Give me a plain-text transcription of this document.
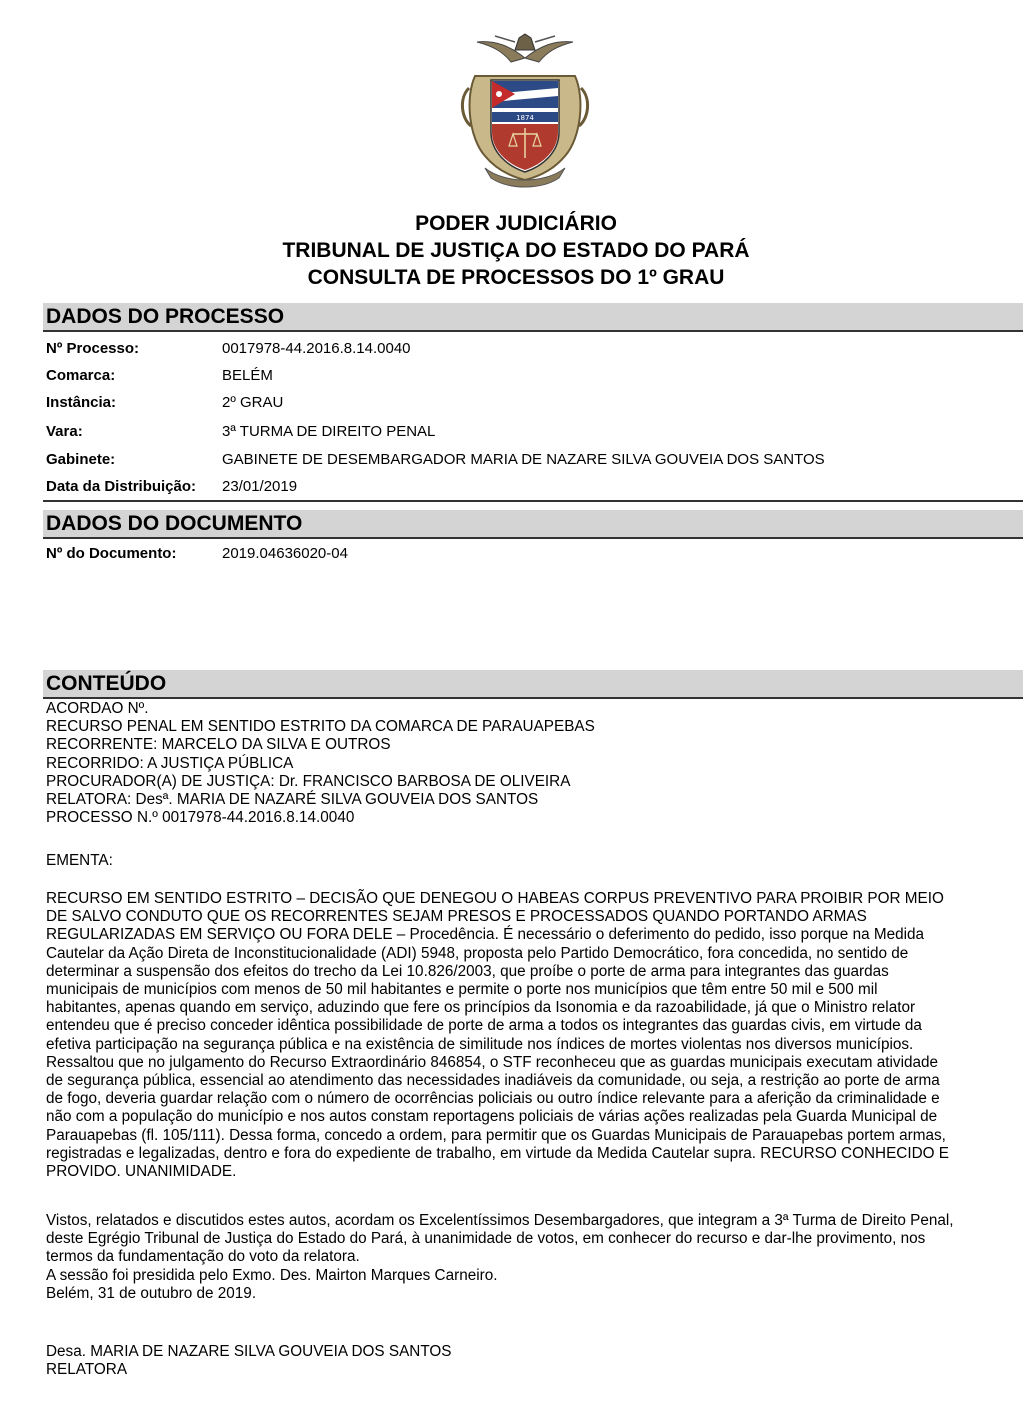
1874
PODER JUDICIÁRIO
TRIBUNAL DE JUSTIÇA DO ESTADO DO PARÁ
CONSULTA DE PROCESSOS DO 1º GRAU
DADOS DO PROCESSO
Nº Processo:	0017978-44.2016.8.14.0040
Comarca:	BELÉM
Instância:	2º GRAU
Vara:	3ª TURMA DE DIREITO PENAL
Gabinete:	GABINETE DE DESEMBARGADOR MARIA DE NAZARE SILVA GOUVEIA DOS SANTOS
Data da Distribuição: 23/01/2019
DADOS DO DOCUMENTO
Nº do Documento:	2019.04636020-04
CONTEÚDO

ACORDAO Nº.

RECURSO PENAL EM SENTIDO ESTRITO DA COMARCA DE PARAUAPEBAS

RECORRENTE: MARCELO DA SILVA E OUTROS

RECORRIDO: A JUSTIÇA PÚBLICA

PROCURADOR(A) DE JUSTIÇA: Dr. FRANCISCO BARBOSA DE OLIVEIRA

RELATORA: Desª. MARIA DE NAZARÉ SILVA GOUVEIA DOS SANTOS

PROCESSO N.º 0017978-44.2016.8.14.0040

EMENTA:

RECURSO EM SENTIDO ESTRITO – DECISÃO QUE DENEGOU O HABEAS CORPUS PREVENTIVO PARA PROIBIR POR MEIO

DE SALVO CONDUTO QUE OS RECORRENTES SEJAM PRESOS E PROCESSADOS QUANDO PORTANDO ARMAS

REGULARIZADAS EM SERVIÇO OU FORA DELE – Procedência. É necessário o deferimento do pedido, isso porque na Medida

Cautelar da Ação Direta de Inconstitucionalidade (ADI) 5948, proposta pelo Partido Democrático, fora concedida, no sentido de

determinar a suspensão dos efeitos do trecho da Lei 10.826/2003, que proíbe o porte de arma para integrantes das guardas

municipais de municípios com menos de 50 mil habitantes e permite o porte nos municípios que têm entre 50 mil e 500 mil

habitantes, apenas quando em serviço, aduzindo que fere os princípios da Isonomia e da razoabilidade, já que o Ministro relator

entendeu que é preciso conceder idêntica possibilidade de porte de arma a todos os integrantes das guardas civis, em virtude da

efetiva participação na segurança pública e na existência de similitude nos índices de mortes violentas nos diversos municípios.

Ressaltou que no julgamento do Recurso Extraordinário 846854, o STF reconheceu que as guardas municipais executam atividade

de segurança pública, essencial ao atendimento das necessidades inadiáveis da comunidade, ou seja, a restrição ao porte de arma

de fogo, deveria guardar relação com o número de ocorrências policiais ou outro índice relevante para a aferição da criminalidade e

não com a população do município e nos autos constam reportagens policiais de várias ações realizadas pela Guarda Municipal de

Parauapebas (fl. 105/111). Dessa forma, concedo a ordem, para permitir que os Guardas Municipais de Parauapebas portem armas,

registradas e legalizadas, dentro e fora do expediente de trabalho, em virtude da Medida Cautelar supra. RECURSO CONHECIDO E

PROVIDO. UNANIMIDADE.

Vistos, relatados e discutidos estes autos, acordam os Excelentíssimos Desembargadores, que integram a 3ª Turma de Direito Penal,

deste Egrégio Tribunal de Justiça do Estado do Pará, à unanimidade de votos, em conhecer do recurso e dar-lhe provimento, nos

termos da fundamentação do voto da relatora.

A sessão foi presidida pelo Exmo. Des. Mairton Marques Carneiro.

Belém, 31 de outubro de 2019.

Desa. MARIA DE NAZARE SILVA GOUVEIA DOS SANTOS

RELATORA
